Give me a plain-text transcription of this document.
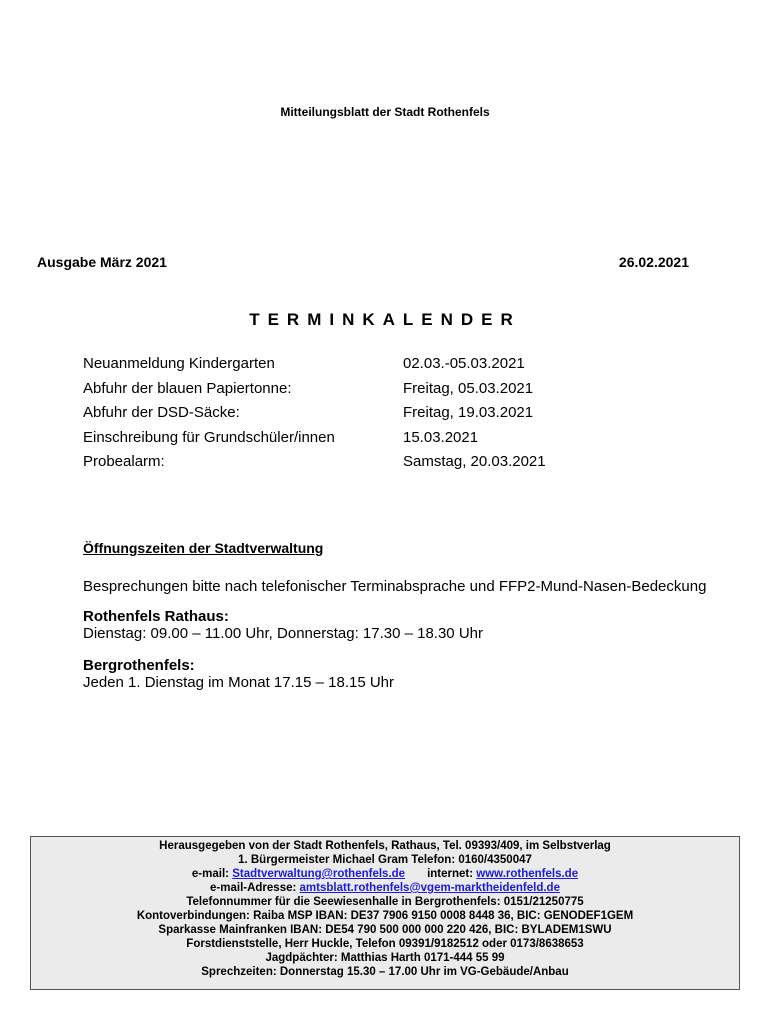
Mitteilungsblatt der Stadt Rothenfels
Ausgabe März 2021	26.02.2021
TERMINKALENDER
Neuanmeldung Kindergarten	02.03.-05.03.2021
Abfuhr der blauen Papiertonne:	Freitag, 05.03.2021
Abfuhr der DSD-Säcke:	Freitag, 19.03.2021
Einschreibung für Grundschüler/innen	15.03.2021
Probealarm:	Samstag, 20.03.2021
Öffnungszeiten der Stadtverwaltung
Besprechungen bitte nach telefonischer Terminabsprache und FFP2-Mund-Nasen-Bedeckung
Rothenfels Rathaus:
Dienstag: 09.00 – 11.00 Uhr, Donnerstag: 17.30 – 18.30 Uhr
Bergrothenfels:
Jeden 1. Dienstag im Monat 17.15 – 18.15 Uhr
Herausgegeben von der Stadt Rothenfels, Rathaus, Tel. 09393/409, im Selbstverlag
1. Bürgermeister Michael Gram Telefon: 0160/4350047
e-mail: Stadtverwaltung@rothenfels.de internet: www.rothenfels.de
e-mail-Adresse: amtsblatt.rothenfels@vgem-marktheidenfeld.de
Telefonnummer für die Seewiesenhalle in Bergrothenfels: 0151/21250775
Kontoverbindungen: Raiba MSP IBAN: DE37 7906 9150 0008 8448 36, BIC: GENODEF1GEM
Sparkasse Mainfranken IBAN: DE54 790 500 000 000 220 426, BIC: BYLADEM1SWU
Forstdienststelle, Herr Huckle, Telefon 09391/9182512 oder 0173/8638653
Jagdpächter: Matthias Harth 0171-444 55 99
Sprechzeiten: Donnerstag 15.30 – 17.00 Uhr im VG-Gebäude/Anbau
